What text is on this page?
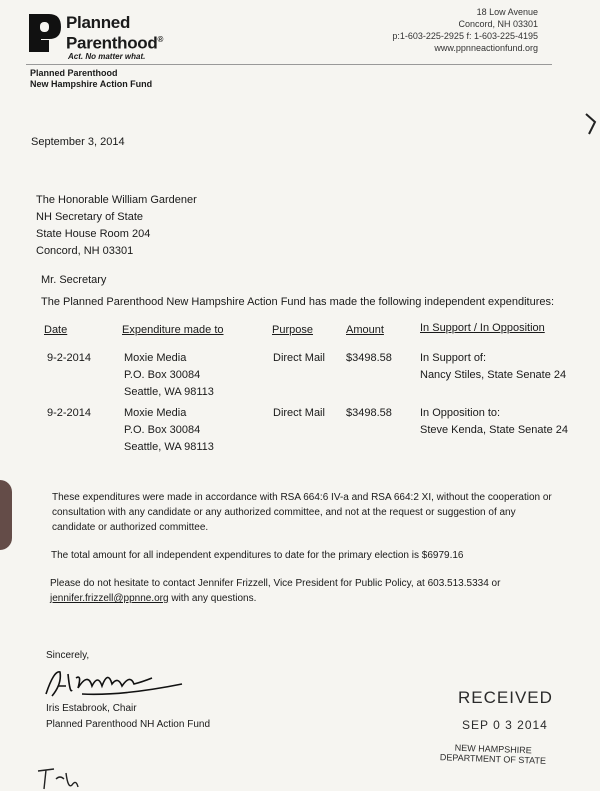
Planned
Parenthood®
Act. No matter what.
18 Low Avenue
Concord, NH 03301
p:1-603-225-2925 f: 1-603-225-4195
www.ppnneactionfund.org
Planned Parenthood
New Hampshire Action Fund
September 3, 2014
The Honorable William Gardener
NH Secretary of State
State House Room 204
Concord, NH 03301
Mr. Secretary
The Planned Parenthood New Hampshire Action Fund has made the following independent expenditures:
Date	Expenditure made to	Purpose	Amount	In Support / In Opposition
9-2-2014	Moxie Media
P.O. Box 30084
Seattle, WA 98113
Direct Mail $3498.58	In Support of:
Nancy Stiles, State Senate 24
9-2-2014	Moxie Media
P.O. Box 30084
Seattle, WA 98113
Direct Mail $3498.58	In Opposition to:
Steve Kenda, State Senate 24
These expenditures were made in accordance with RSA 664:6 IV-a and RSA 664:2 XI, without the cooperation or
consultation with any candidate or any authorized committee, and not at the request or suggestion of any
candidate or authorized committee.
The total amount for all independent expenditures to date for the primary election is $6979.16
Please do not hesitate to contact Jennifer Frizzell, Vice President for Public Policy, at 603.513.5334 or
jennifer.frizzell@ppnne.org with any questions.
Sincerely,
Iris Estabrook, Chair
Planned Parenthood NH Action Fund
RECEIVED
SEP 0 3 2014
NEW HAMPSHIRE
DEPARTMENT OF STATE
